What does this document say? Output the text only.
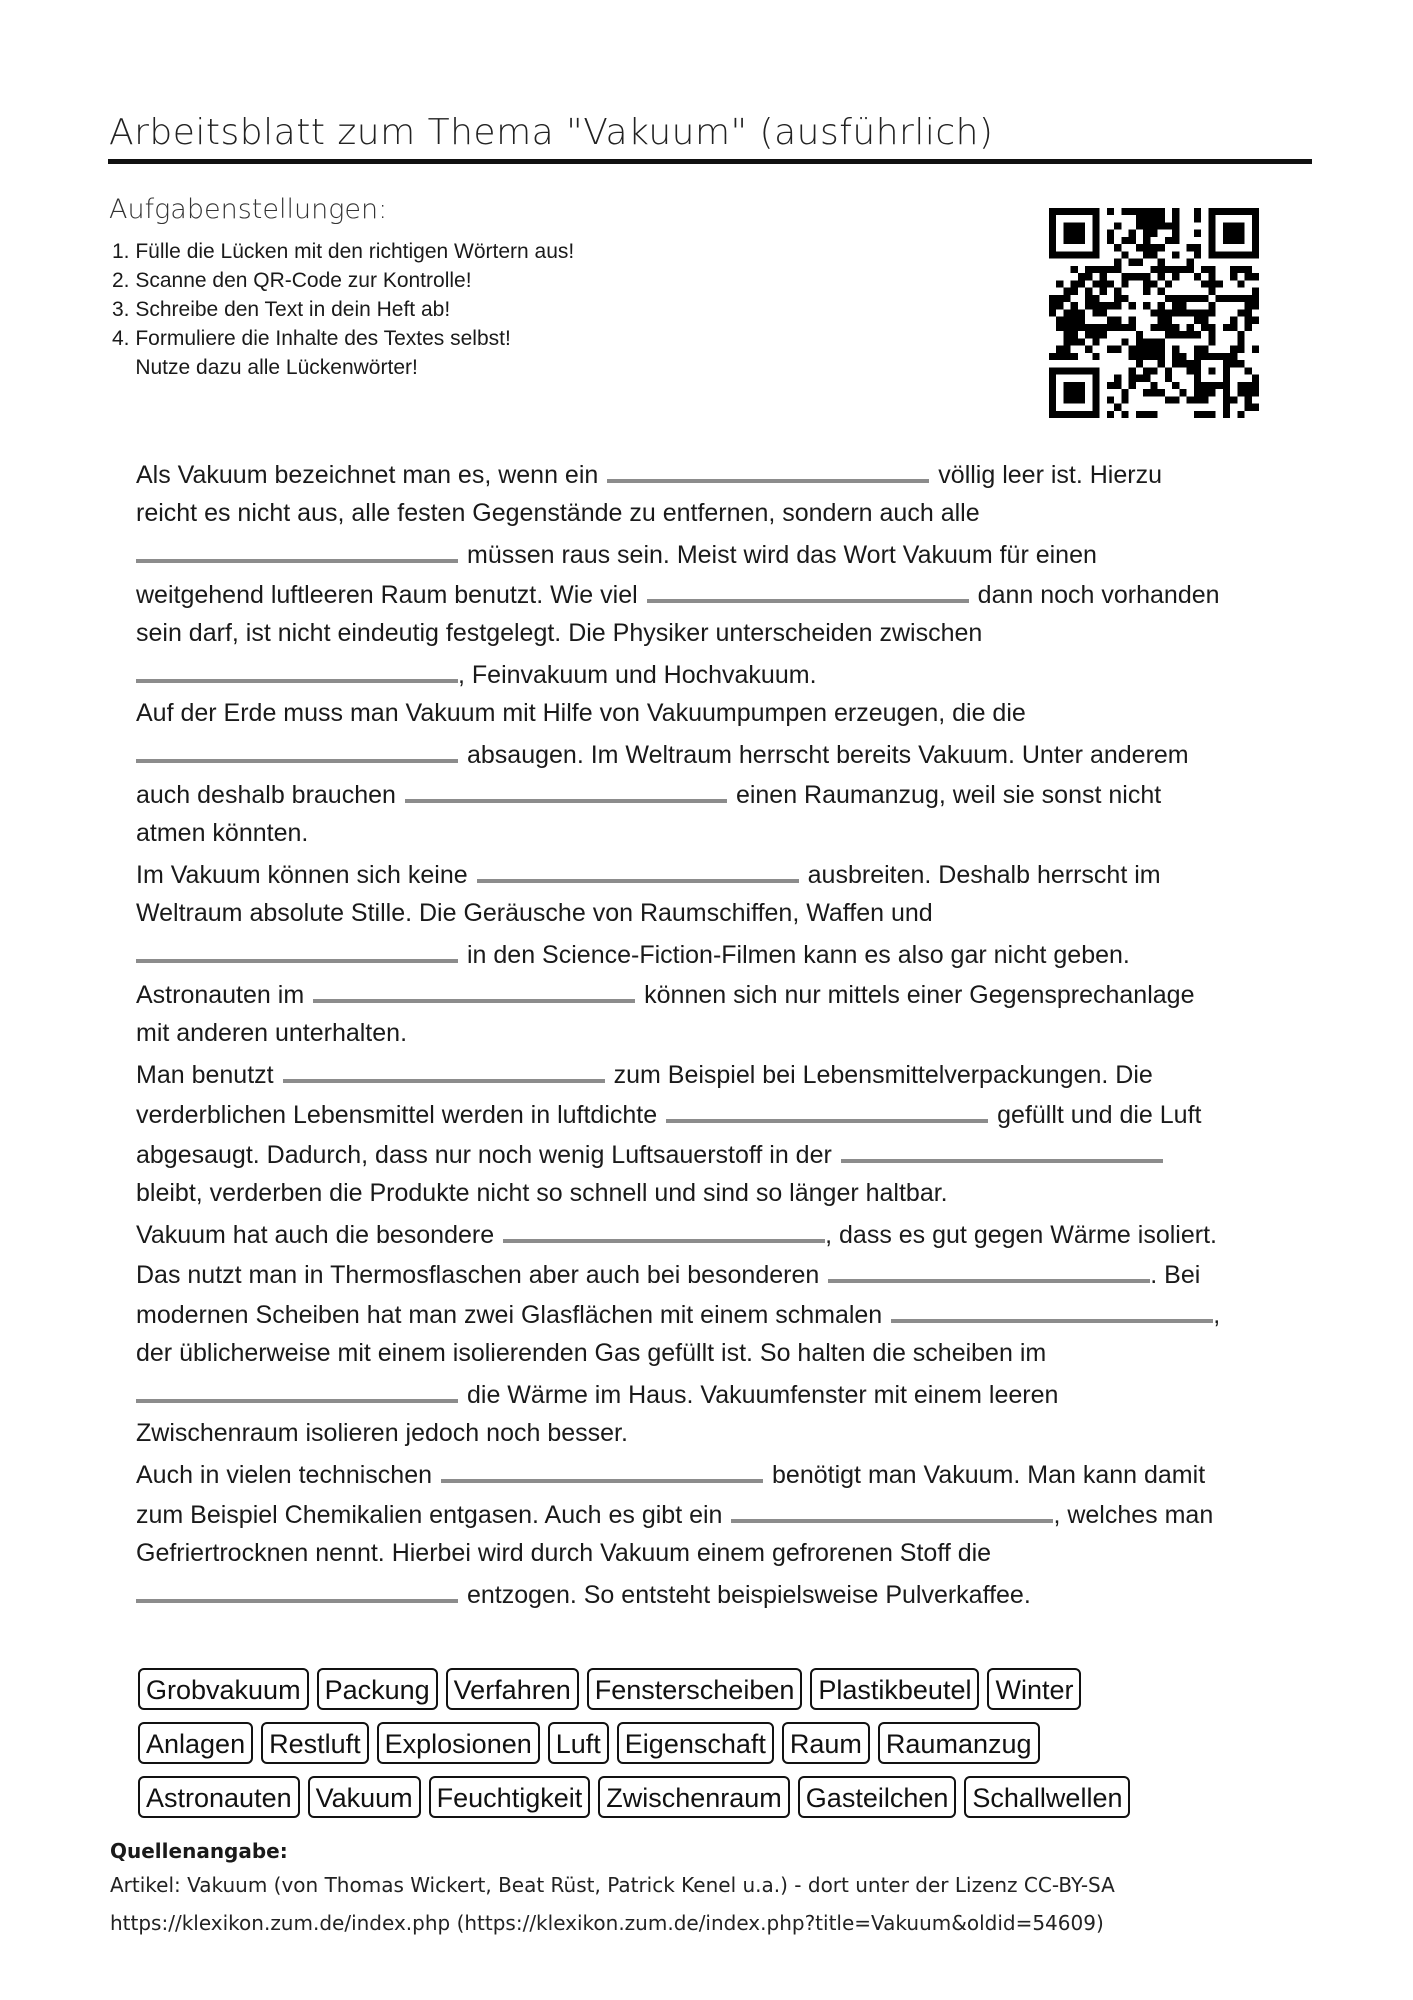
Arbeitsblatt zum Thema "Vakuum" (ausführlich)
Aufgabenstellungen:
1. Fülle die Lücken mit den richtigen Wörtern aus!
2. Scanne den QR-Code zur Kontrolle!
3. Schreibe den Text in dein Heft ab!
4. Formuliere die Inhalte des Textes selbst!
Nutze dazu alle Lückenwörter!
Als Vakuum bezeichnet man es, wenn ein	völlig leer ist. Hierzu
reicht es nicht aus, alle festen Gegenstände zu entfernen, sondern auch alle
müssen raus sein. Meist wird das Wort Vakuum für einen
weitgehend luftleeren Raum benutzt. Wie viel	dann noch vorhanden
sein darf, ist nicht eindeutig festgelegt. Die Physiker unterscheiden zwischen
, Feinvakuum und Hochvakuum.
Auf der Erde muss man Vakuum mit Hilfe von Vakuumpumpen erzeugen, die die
absaugen. Im Weltraum herrscht bereits Vakuum. Unter anderem
auch deshalb brauchen	einen Raumanzug, weil sie sonst nicht
atmen könnten.
Im Vakuum können sich keine	ausbreiten. Deshalb herrscht im
Weltraum absolute Stille. Die Geräusche von Raumschiffen, Waffen und
in den Science-Fiction-Filmen kann es also gar nicht geben.
Astronauten im	können sich nur mittels einer Gegensprechanlage
mit anderen unterhalten.
Man benutzt	zum Beispiel bei Lebensmittelverpackungen. Die
verderblichen Lebensmittel werden in luftdichte	gefüllt und die Luft
abgesaugt. Dadurch, dass nur noch wenig Luftsauerstoff in der
bleibt, verderben die Produkte nicht so schnell und sind so länger haltbar.
Vakuum hat auch die besondere	, dass es gut gegen Wärme isoliert.
Das nutzt man in Thermosflaschen aber auch bei besonderen	. Bei
modernen Scheiben hat man zwei Glasflächen mit einem schmalen	,
der üblicherweise mit einem isolierenden Gas gefüllt ist. So halten die scheiben im
die Wärme im Haus. Vakuumfenster mit einem leeren
Zwischenraum isolieren jedoch noch besser.
Auch in vielen technischen	benötigt man Vakuum. Man kann damit
zum Beispiel Chemikalien entgasen. Auch es gibt ein	, welches man
Gefriertrocknen nennt. Hierbei wird durch Vakuum einem gefrorenen Stoff die
entzogen. So entsteht beispielsweise Pulverkaffee.
Grobvakuum Packung Verfahren Fensterscheiben Plastikbeutel Winter
Anlagen Restluft Explosionen Luft Eigenschaft Raum Raumanzug
Astronauten Vakuum Feuchtigkeit Zwischenraum Gasteilchen Schallwellen
Quellenangabe:
Artikel: Vakuum (von Thomas Wickert, Beat Rüst, Patrick Kenel u.a.) - dort unter der Lizenz CC-BY-SA
https://klexikon.zum.de/index.php (https://klexikon.zum.de/index.php?title=Vakuum&oldid=54609)
